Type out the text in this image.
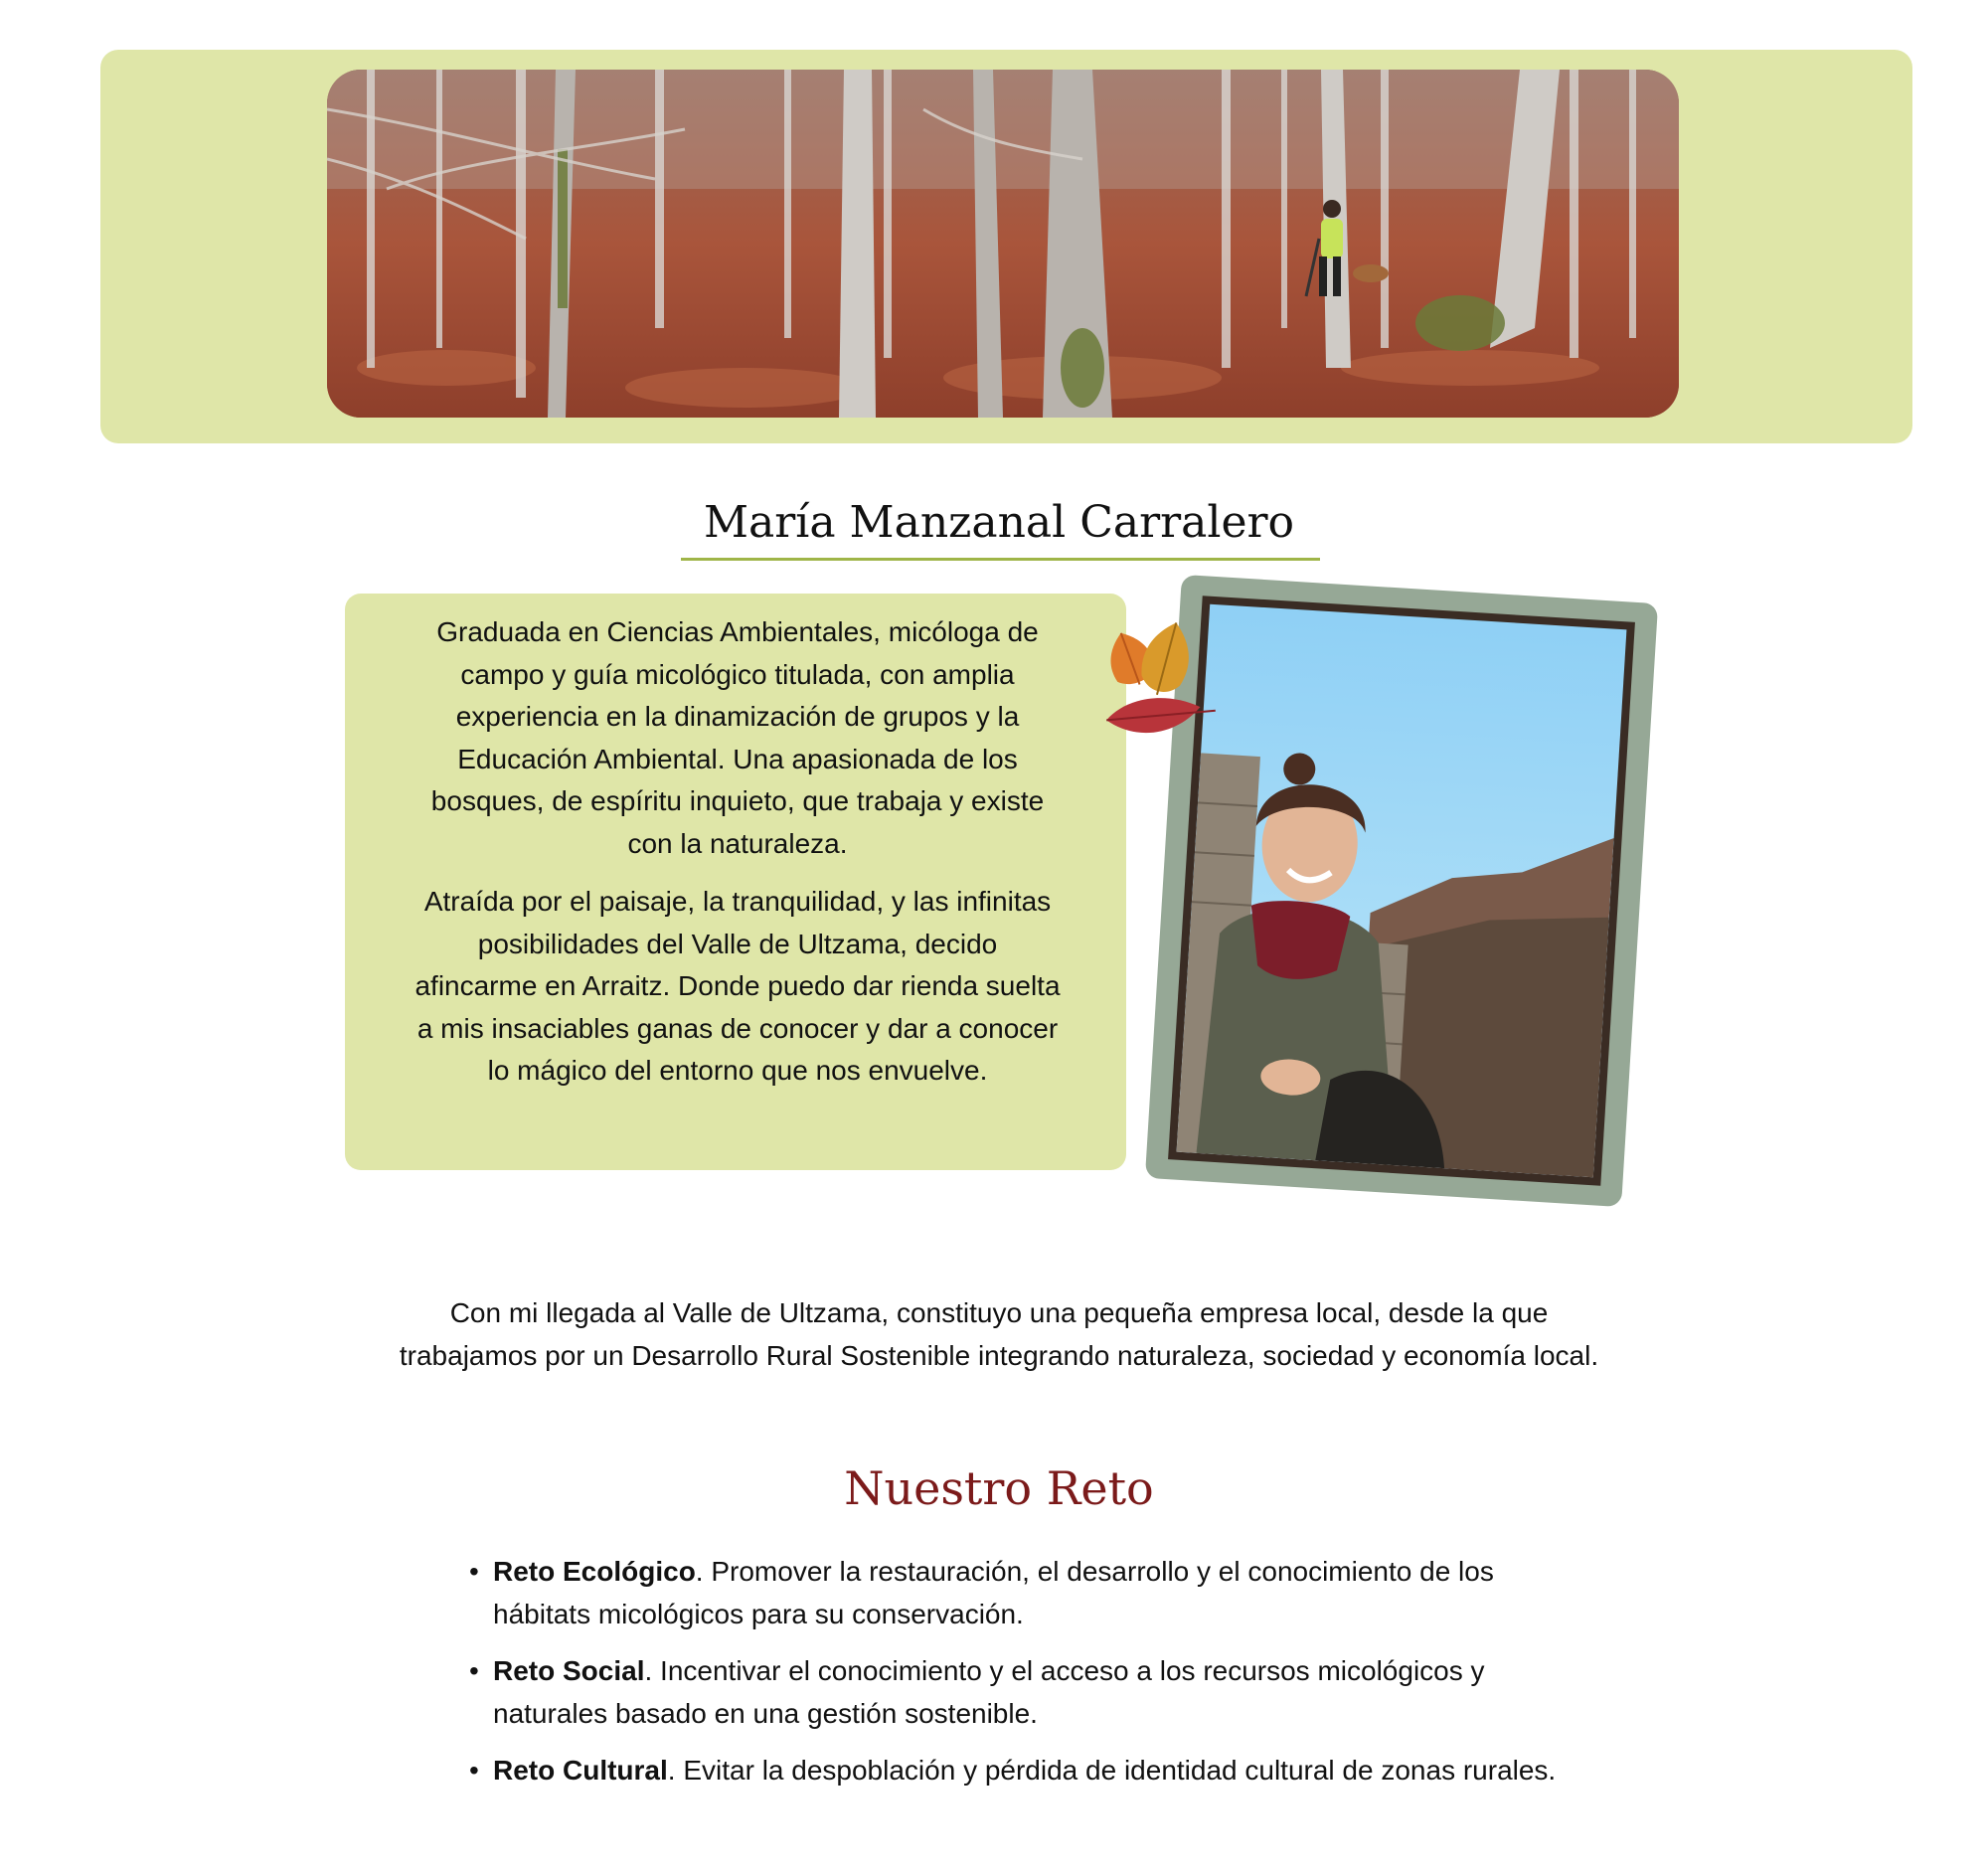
María Manzanal Carralero

Graduada en Ciencias Ambientales, micóloga de campo y guía micológico titulada, con amplia experiencia en la dinamización de grupos y la Educación Ambiental. Una apasionada de los bosques, de espíritu inquieto, que trabaja y existe con la naturaleza.

Atraída por el paisaje, la tranquilidad, y las infinitas posibilidades del Valle de Ultzama, decido afincarme en Arraitz. Donde puedo dar rienda suelta a mis insaciables ganas de conocer y dar a conocer lo mágico del entorno que nos envuelve.

Con mi llegada al Valle de Ultzama, constituyo una pequeña empresa local, desde la que trabajamos por un Desarrollo Rural Sostenible integrando naturaleza, sociedad y economía local.

Nuestro Reto
• Reto Ecológico. Promover la restauración, el desarrollo y el conocimiento de los hábitats micológicos para su conservación.
• Reto Social. Incentivar el conocimiento y el acceso a los recursos micológicos y naturales basado en una gestión sostenible.
• Reto Cultural. Evitar la despoblación y pérdida de identidad cultural de zonas rurales.
